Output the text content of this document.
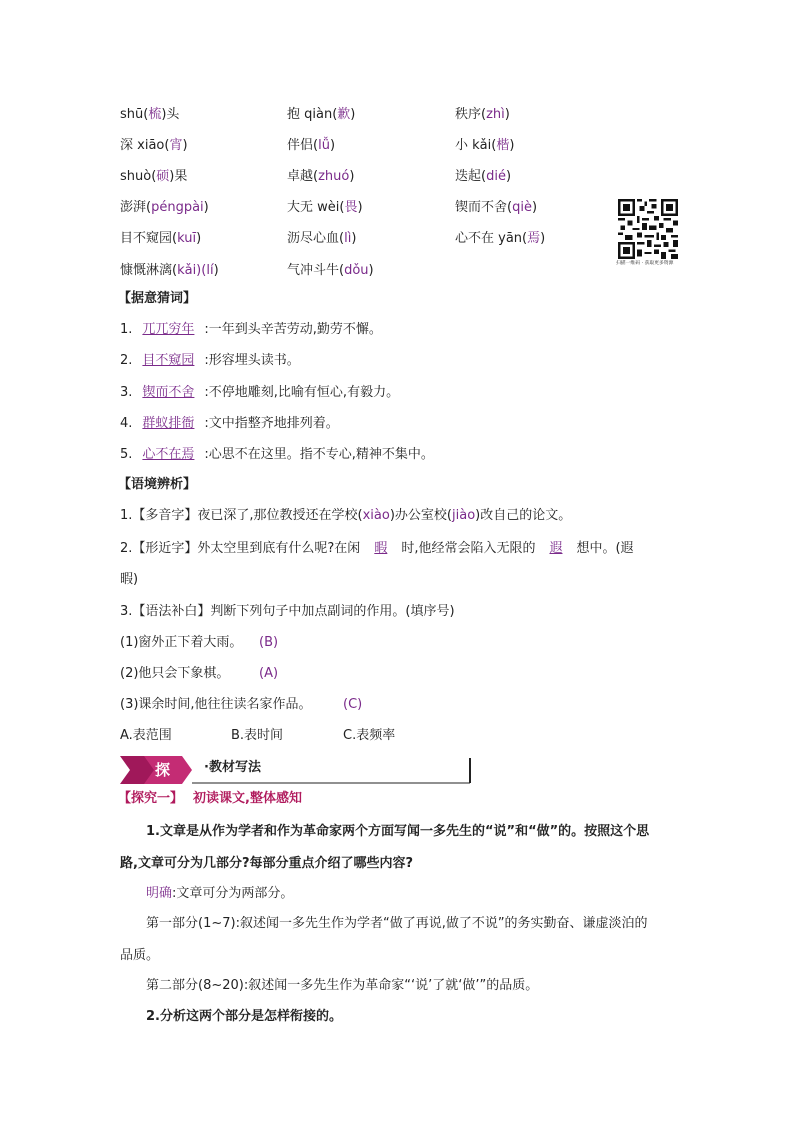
shū(梳)头	抱 qiàn(歉)	秩序(zhì)
深 xiāo(宵)	伴侣(lǚ)	小 kǎi(楷)
shuò(硕)果	卓越(zhuó)	迭起(dié)
澎湃(péngpài)	大无 wèi(畏)	锲而不舍(qiè)
目不窥园(kuī)	沥尽心血(lì)	心不在 yān(焉)
慷慨淋漓(kǎi)(lí)	气冲斗牛(dǒu)
扫描一维码 · 获取更多资源
【据意猜词】
1. 兀兀穷年 :一年到头辛苦劳动,勤劳不懈。
2. 目不窥园 :形容埋头读书。
3. 锲而不舍 :不停地雕刻,比喻有恒心,有毅力。
4. 群蚁排衙 :文中指整齐地排列着。
5. 心不在焉 :心思不在这里。指不专心,精神不集中。
【语境辨析】
1.【多音字】夜已深了,那位教授还在学校(xiào)办公室校(jiào)改自己的论文。
2.【形近字】外太空里到底有什么呢?在闲 暇 时,他经常会陷入无限的 遐 想中。(遐
暇)
3.【语法补白】判断下列句子中加点副词的作用。(填序号)
(1)窗外正下着大雨。 (B)
(2)他只会下象棋。 (A)
(3)课余时间,他往往读名家作品。 (C)
A.表范围	B.表时间	C.表频率
探	·教材写法
【探究一】 初读课文,整体感知
1.文章是从作为学者和作为革命家两个方面写闻一多先生的“说”和“做”的。按照这个思
路,文章可分为几部分?每部分重点介绍了哪些内容?
明确:文章可分为两部分。
第一部分(1~7):叙述闻一多先生作为学者“做了再说,做了不说”的务实勤奋、谦虚淡泊的
品质。
第二部分(8~20):叙述闻一多先生作为革命家“‘说’了就‘做’”的品质。
2.分析这两个部分是怎样衔接的。
